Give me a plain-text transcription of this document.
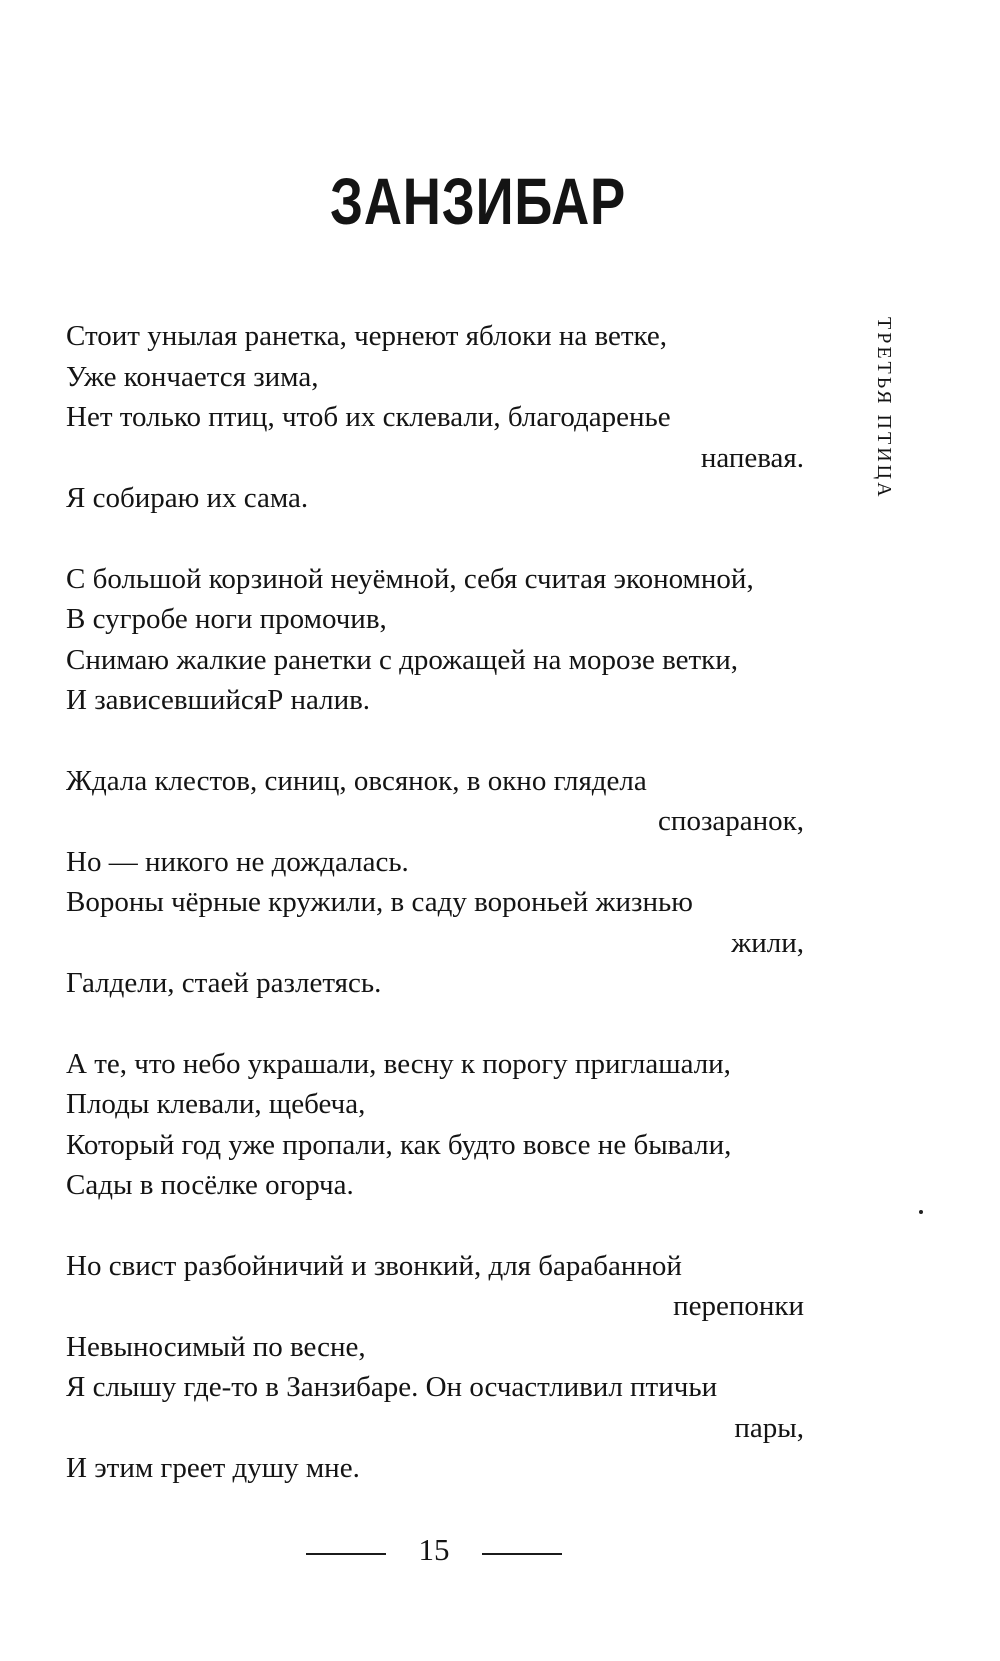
ЗАНЗИБАР
ТРЕТЬЯ ПТИЦА
Стоит унылая ранетка, чернеют яблоки на ветке,
Уже кончается зима,
Нет только птиц, чтоб их склевали, благодаренье
напевая.
Я собираю их сама.
С большой корзиной неуёмной, себя считая экономной,
В сугробе ноги промочив,
Снимаю жалкие ранетки с дрожащей на морозе ветки,
И зависевшийсяР налив.
Ждала клестов, синиц, овсянок, в окно глядела
спозаранок,
Но — никого не дождалась.
Вороны чёрные кружили, в саду вороньей жизнью
жили,
Галдели, стаей разлетясь.
А те, что небо украшали, весну к порогу приглашали,
Плоды клевали, щебеча,
Который год уже пропали, как будто вовсе не бывали,
Сады в посёлке огорча.
Но свист разбойничий и звонкий, для барабанной
перепонки
Невыносимый по весне,
Я слышу где-то в Занзибаре. Он осчастливил птичьи
пары,
И этим греет душу мне.
15
